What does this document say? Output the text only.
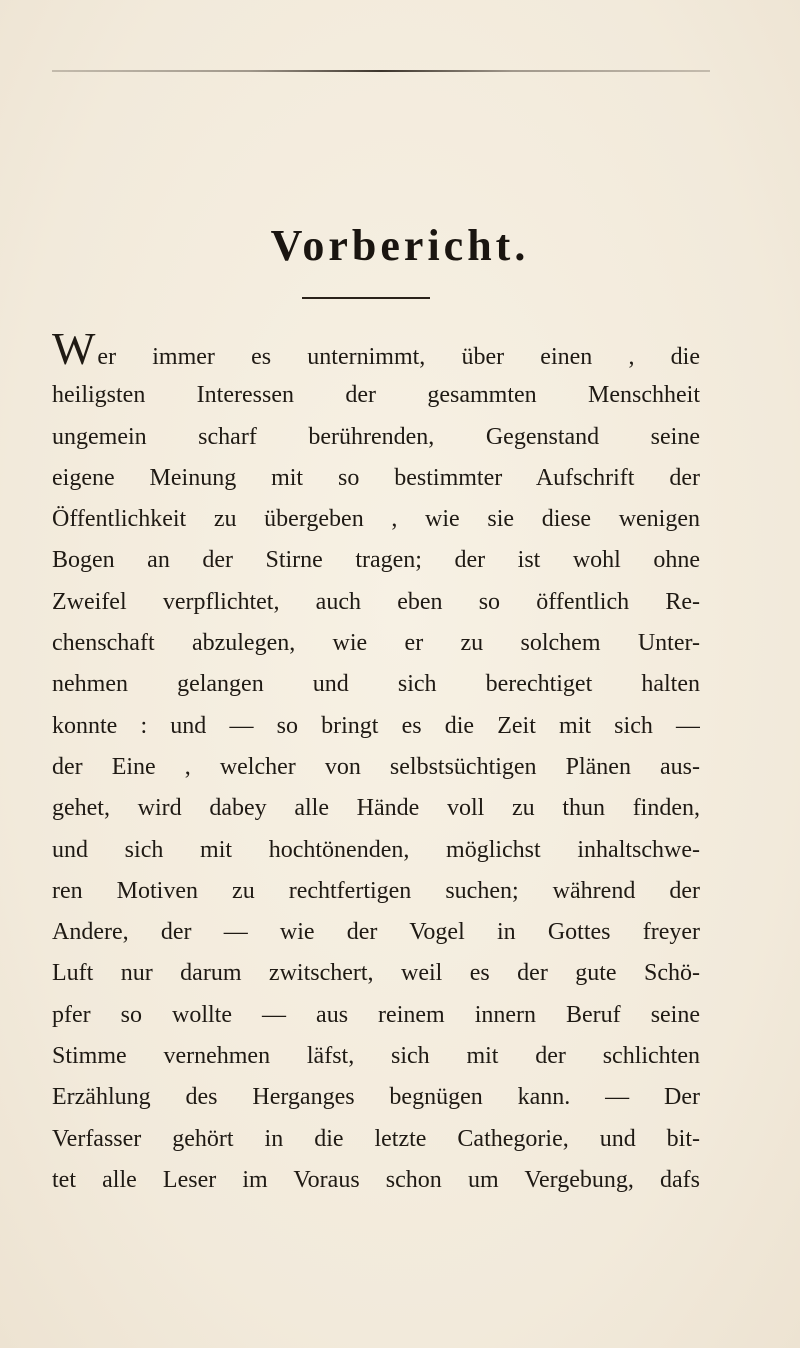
Vorbericht.
W er immer es unternimmt, über einen , die
heiligsten Interessen der gesammten Menschheit
ungemein scharf berührenden, Gegenstand seine
eigene Meinung mit so bestimmter Aufschrift der
Öffentlichkeit zu übergeben , wie sie diese wenigen
Bogen an der Stirne tragen; der ist wohl ohne
Zweifel verpflichtet, auch eben so öffentlich Re-
chenschaft abzulegen, wie er zu solchem Unter-
nehmen gelangen und sich berechtiget halten
konnte : und — so bringt es die Zeit mit sich —
der Eine , welcher von selbstsüchtigen Plänen aus-
gehet, wird dabey alle Hände voll zu thun finden,
und sich mit hochtönenden, möglichst inhaltschwe-
ren Motiven zu rechtfertigen suchen; während der
Andere, der — wie der Vogel in Gottes freyer
Luft nur darum zwitschert, weil es der gute Schö-
pfer so wollte — aus reinem innern Beruf seine
Stimme vernehmen läfst, sich mit der schlichten
Erzählung des Herganges begnügen kann. — Der
Verfasser gehört in die letzte Cathegorie, und bit-
tet alle Leser im Voraus schon um Vergebung, dafs
